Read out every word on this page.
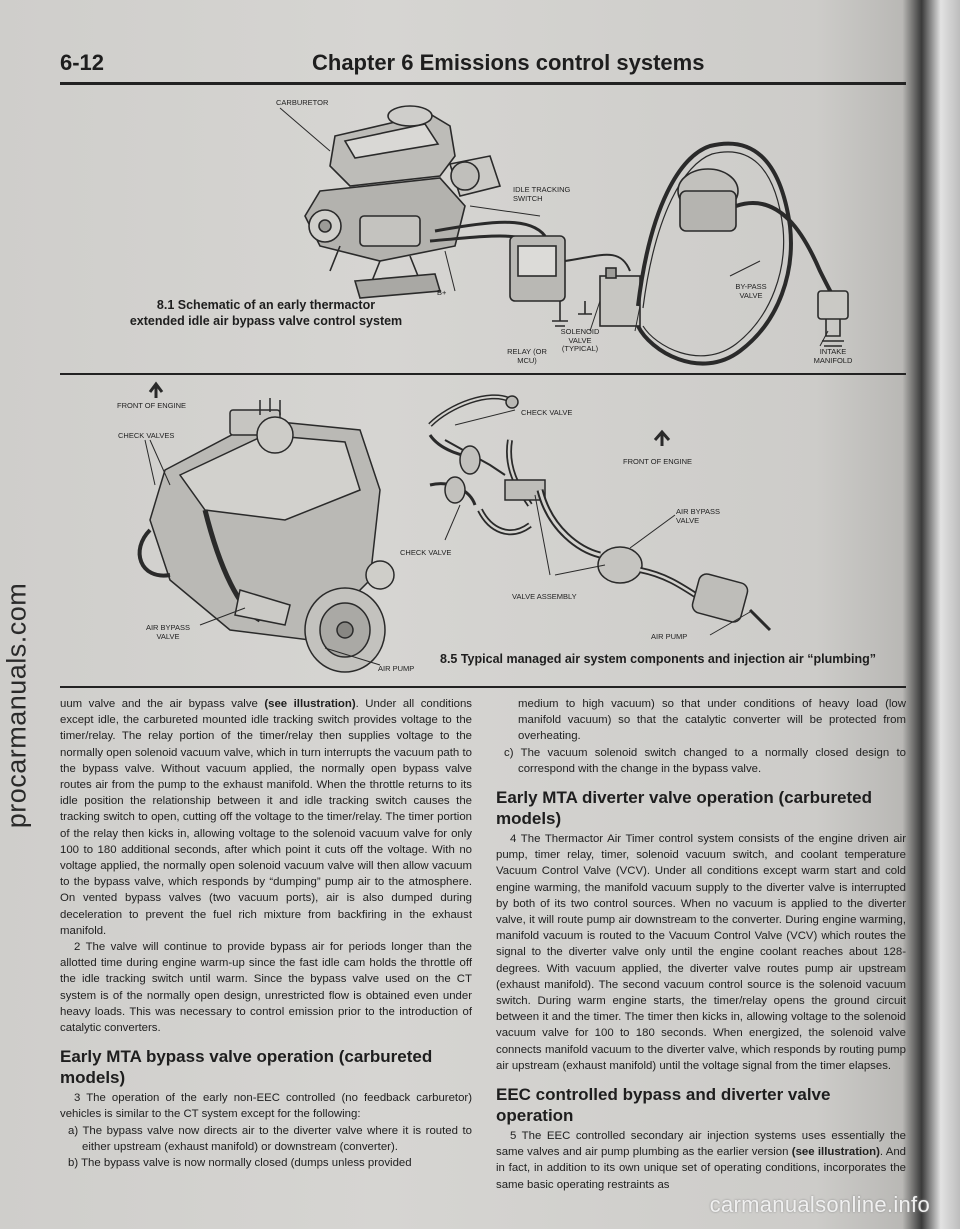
procarmanuals.com
6-12	Chapter 6 Emissions control systems
CARBURETOR
IDLE TRACKING SWITCH
B+
BY-PASS VALVE
SOLENOID VALVE (TYPICAL)
RELAY (OR MCU)
INTAKE MANIFOLD
8.1 Schematic of an early thermactor
extended idle air bypass valve control system
FRONT OF ENGINE
CHECK VALVES
AIR BYPASS VALVE
AIR PUMP
CHECK VALVE
FRONT OF ENGINE
AIR BYPASS VALVE
CHECK VALVE
VALVE ASSEMBLY
AIR PUMP
8.5 Typical managed air system components and injection air “plumbing”

uum valve and the air bypass valve (see illustration). Under all conditions except idle, the carbureted mounted idle tracking switch provides voltage to the timer/relay. The relay portion of the timer/relay then supplies voltage to the normally open solenoid vacuum valve, which in turn interrupts the vacuum path to the bypass valve. Without vacuum applied, the normally open bypass valve routes air from the pump to the exhaust manifold. When the throttle returns to its idle position the relationship between it and idle tracking switch causes the tracking switch to open, cutting off the voltage to the timer/relay. The timer portion of the relay then kicks in, allowing voltage to the solenoid vacuum valve for only 100 to 180 additional seconds, after which point it cuts off the voltage. With no voltage applied, the normally open solenoid vacuum valve will then allow vacuum to the bypass valve, which responds by “dumping” pump air to the atmosphere. On vented bypass valves (two vacuum ports), air is also dumped during deceleration to prevent the fuel rich mixture from backfiring in the exhaust manifold.

2 The valve will continue to provide bypass air for periods longer than the allotted time during engine warm-up since the fast idle cam holds the throttle off the idle tracking switch until warm. Since the bypass valve used on the CT system is of the normally open design, unrestricted flow is obtained even under heavy loads. This was necessary to control emission prior to the introduction of catalytic converters.

Early MTA bypass valve operation (carbureted models)

3 The operation of the early non-EEC controlled (no feedback carburetor) vehicles is similar to the CT system except for the following:

a) The bypass valve now directs air to the diverter valve where it is routed to either upstream (exhaust manifold) or downstream (converter).

b) The bypass valve is now normally closed (dumps unless provided

medium to high vacuum) so that under conditions of heavy load (low manifold vacuum) so that the catalytic converter will be protected from overheating.

c) The vacuum solenoid switch changed to a normally closed design to correspond with the change in the bypass valve.

Early MTA diverter valve operation (carbureted models)

4 The Thermactor Air Timer control system consists of the engine driven air pump, timer relay, timer, solenoid vacuum switch, and coolant temperature Vacuum Control Valve (VCV). Under all conditions except warm start and cold engine warming, the manifold vacuum supply to the diverter valve is interrupted by both of its two control sources. When no vacuum is applied to the diverter valve, it will route pump air downstream to the converter. During engine warming, manifold vacuum is routed to the Vacuum Control Valve (VCV) which routes the signal to the diverter valve only until the engine coolant reaches about 128-degrees. With vacuum applied, the diverter valve routes pump air upstream (exhaust manifold). The second vacuum control source is the solenoid vacuum switch. During warm engine starts, the timer/relay opens the ground circuit between it and the timer. The timer then kicks in, allowing voltage to the solenoid vacuum valve for 100 to 180 seconds. When energized, the solenoid valve connects manifold vacuum to the diverter valve, which responds by routing pump air upstream (exhaust manifold) until the voltage signal from the timer elapses.

EEC controlled bypass and diverter valve operation

5 The EEC controlled secondary air injection systems uses essentially the same valves and air pump plumbing as the earlier version (see illustration). And in fact, in addition to its own unique set of operating conditions, incorporates the same basic operating restraints as

carmanualsonline.info
